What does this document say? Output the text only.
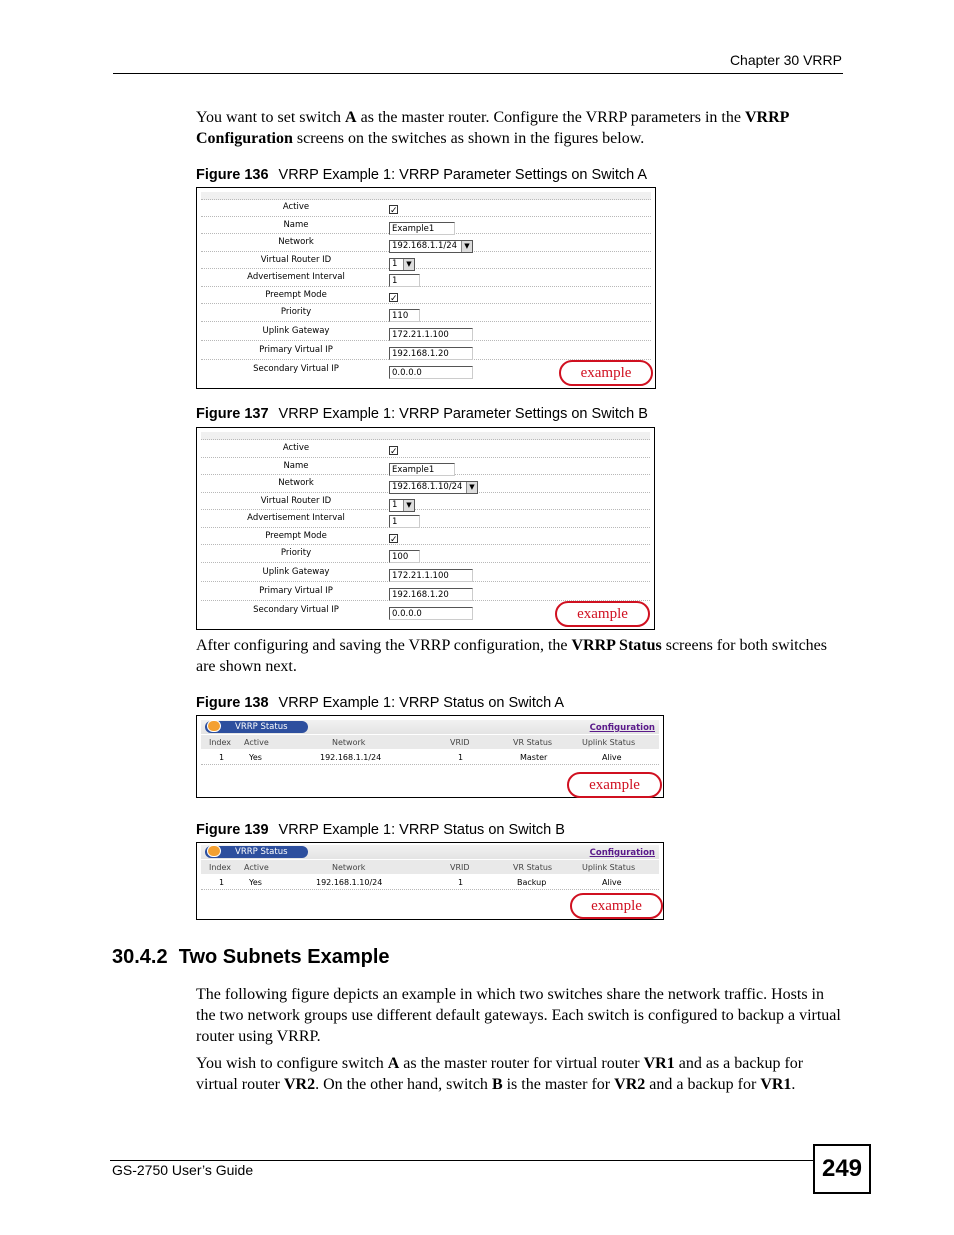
Chapter 30 VRRP
You want to set switch A as the master router. Configure the VRRP parameters in the VRRP Configuration screens on the switches as shown in the figures below.
Figure 136 VRRP Example 1: VRRP Parameter Settings on Switch A
Active	✓
Name	Example1
Network	192.168.1.1/24	▼
Virtual Router ID	1	▼
Advertisement Interval	1
Preempt Mode	✓
Priority	110
Uplink Gateway	172.21.1.100
Primary Virtual IP	192.168.1.20
Secondary Virtual IP	0.0.0.0	example
Figure 137 VRRP Example 1: VRRP Parameter Settings on Switch B
Active	✓
Name	Example1
Network	192.168.1.10/24 ▼
Virtual Router ID	1	▼
Advertisement Interval	1
Preempt Mode	✓
Priority	100
Uplink Gateway	172.21.1.100
Primary Virtual IP	192.168.1.20
Secondary Virtual IP	0.0.0.0	example
After configuring and saving the VRRP configuration, the VRRP Status screens for both switches are shown next.
Figure 138 VRRP Example 1: VRRP Status on Switch A
VRRP Status	Configuration
Index Active	Network	VRID	VR Status	Uplink Status
1	Yes	192.168.1.1/24	1	Master	Alive
example
Figure 139 VRRP Example 1: VRRP Status on Switch B
VRRP Status	Configuration
Index Active	Network	VRID	VR Status	Uplink Status
1	Yes	192.168.1.10/24	1	Backup	Alive
example
30.4.2  Two Subnets Example
The following figure depicts an example in which two switches share the network traffic. Hosts in the two network groups use different default gateways. Each switch is configured to backup a virtual router using VRRP.
You wish to configure switch A as the master router for virtual router VR1 and as a backup for virtual router VR2. On the other hand, switch B is the master for VR2 and a backup for VR1.
GS-2750 User’s Guide	249
